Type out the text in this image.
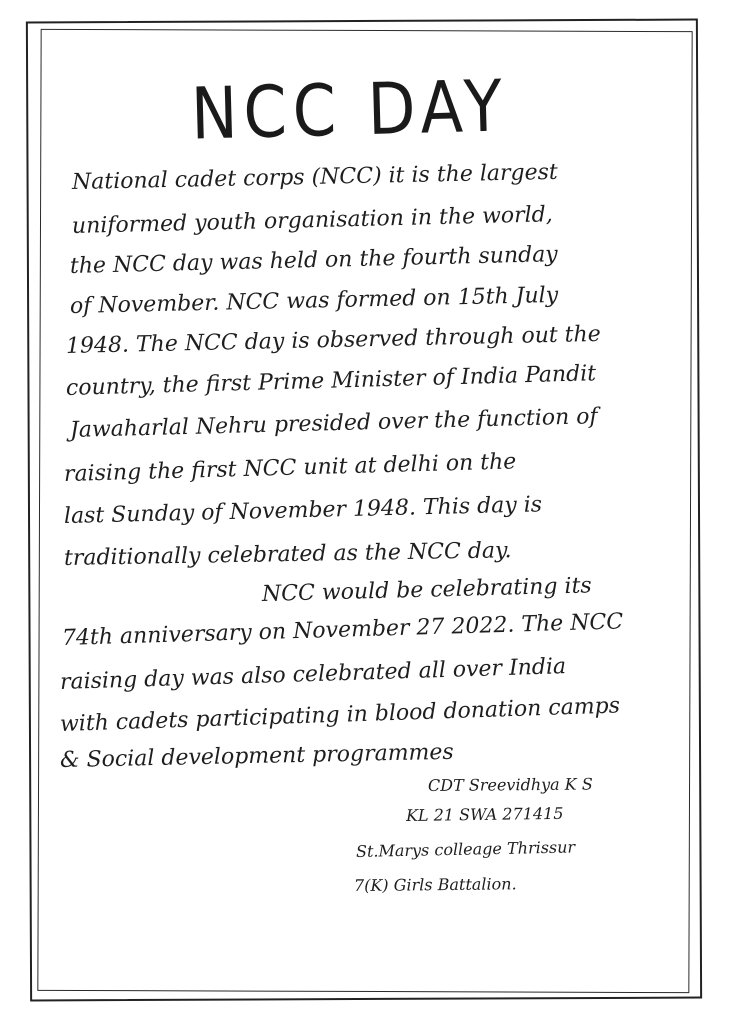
NCC DAY
National cadet corps (NCC) it is the largest
uniformed youth organisation in the world,
the NCC day was held on the fourth sunday
of November. NCC was formed on 15th July
1948. The NCC day is observed through out the
country, the first Prime Minister of India Pandit
Jawaharlal Nehru presided over the function of
raising the first NCC unit at delhi on the
last Sunday of November 1948. This day is
traditionally celebrated as the NCC day.
NCC would be celebrating its
74th anniversary on November 27 2022. The NCC
raising day was also celebrated all over India
with cadets participating in blood donation camps
& Social development programmes
CDT Sreevidhya K S
KL 21 SWA 271415
St.Marys colleage Thrissur
7(K) Girls Battalion.
